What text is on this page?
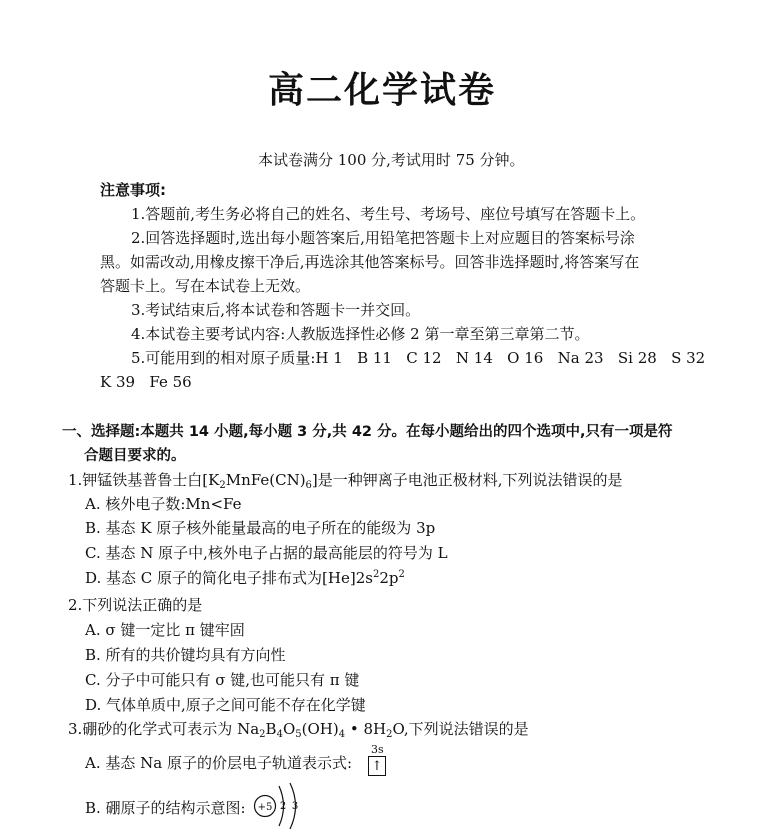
高二化学试卷
本试卷满分 100 分,考试用时 75 分钟。
注意事项:
1.答题前,考生务必将自己的姓名、考生号、考场号、座位号填写在答题卡上。
2.回答选择题时,选出每小题答案后,用铅笔把答题卡上对应题目的答案标号涂
黑。如需改动,用橡皮擦干净后,再选涂其他答案标号。回答非选择题时,将答案写在
答题卡上。写在本试卷上无效。
3.考试结束后,将本试卷和答题卡一并交回。
4.本试卷主要考试内容:人教版选择性必修 2 第一章至第三章第二节。
5.可能用到的相对原子质量:H 1   B 11   C 12   N 14   O 16   Na 23   Si 28   S 32
K 39   Fe 56
一、选择题:本题共 14 小题,每小题 3 分,共 42 分。在每小题给出的四个选项中,只有一项是符
合题目要求的。
1.钾锰铁基普鲁士白$[K_2MnFe(CN)_6]$是一种钾离子电池正极材料,下列说法错误的是
A. 核外电子数:Mn<Fe
B. 基态 K 原子核外能量最高的电子所在的能级为 3p
C. 基态 N 原子中,核外电子占据的最高能层的符号为 L
D. 基态 C 原子的简化电子排布式为$[He]2s^22p^2$
2.下列说法正确的是
A. σ 键一定比 π 键牢固
B. 所有的共价键均具有方向性
C. 分子中可能只有 σ 键,也可能只有 π 键
D. 气体单质中,原子之间可能不存在化学键
3.硼砂的化学式可表示为 $Na_2B_4O_5(OH)_4$ • $8H_2O$,下列说法错误的是
A. 基态 Na 原子的价层电子轨道表示式:
3s
↑
B. 硼原子的结构示意图: +5 2 3
